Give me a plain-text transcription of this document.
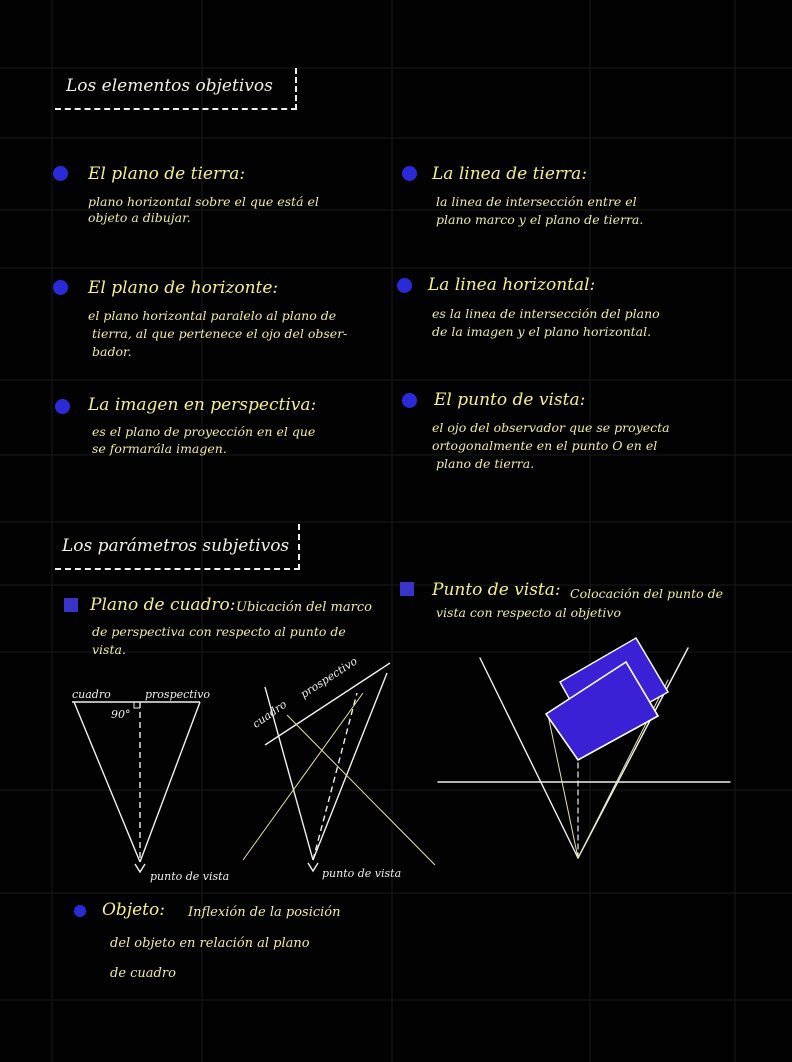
Los elementos objetivos
El plano de tierra:
plano horizontal sobre el que está el
objeto a dibujar.
La linea de tierra:
la linea de intersección entre el
plano marco y el plano de tierra.
El plano de horizonte:
el plano horizontal paralelo al plano de
tierra, al que pertenece el ojo del obser-
bador.
La linea horizontal:
es la linea de intersección del plano
de la imagen y el plano horizontal.
La imagen en perspectiva:
es el plano de proyección en el que
se formarála imagen.
El punto de vista:
el ojo del observador que se proyecta
ortogonalmente en el punto O en el
plano de tierra.
Los parámetros subjetivos
Plano de cuadro: Ubicación del marco
de perspectiva con respecto al punto de
vista.
Punto de vista: Colocación del punto de
vista con respecto al objetivo
cuadro	prospectivo
90°
punto de vista
cuadro
prospectivo
punto de vista
Objeto: Inflexión de la posición
del objeto en relación al plano
de cuadro
